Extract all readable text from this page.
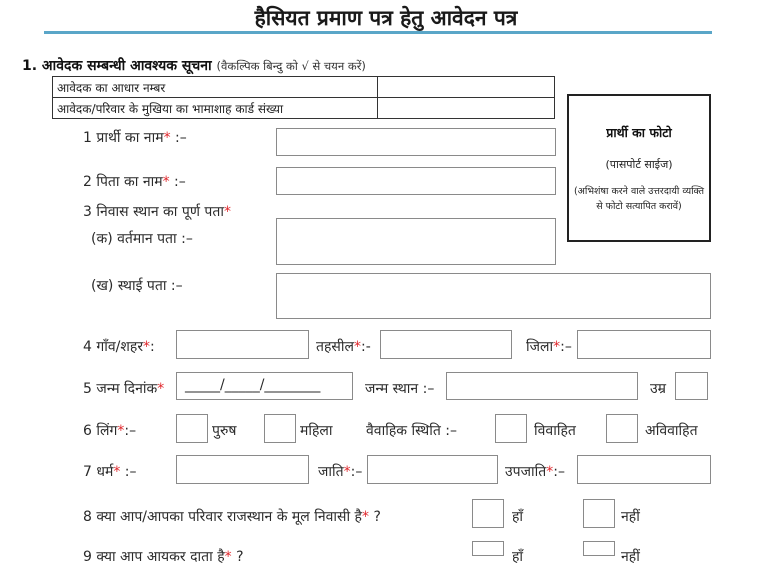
हैसियत प्रमाण पत्र हेतु आवेदन पत्र
1. आवेदक सम्बन्धी आवश्यक सूचना (वैकल्पिक बिन्दु को √ से चयन करें)
आवेदक का आधार नम्बर	
आवेदक/परिवार के मुखिया का भामाशाह कार्ड संख्या	
प्रार्थी का फोटो
(पासपोर्ट साईज)
(अभिशंषा करने वाले उत्तरदायी व्यक्ति से फोटो सत्यापित करावें)
1 प्रार्थी का नाम* :–
2 पिता का नाम* :–
3 निवास स्थान का पूर्ण पता*
(क) वर्तमान पता :–
(ख) स्थाई पता :–
4 गाँव/शहर*:	तहसील*:-	जिला*:–
5 जन्म दिनांक* _____/_____/________	जन्म स्थान :–	उम्र
6 लिंग*:–	पुरुष	महिला वैवाहिक स्थिति :–	विवाहित	अविवाहित
7 धर्म* :–	जाति*:–	उपजाति*:–
8 क्या आप/आपका परिवार राजस्थान के मूल निवासी है* ?	हाँ	नहीं
9 क्या आप आयकर दाता है* ?	हाँ	नहीं
